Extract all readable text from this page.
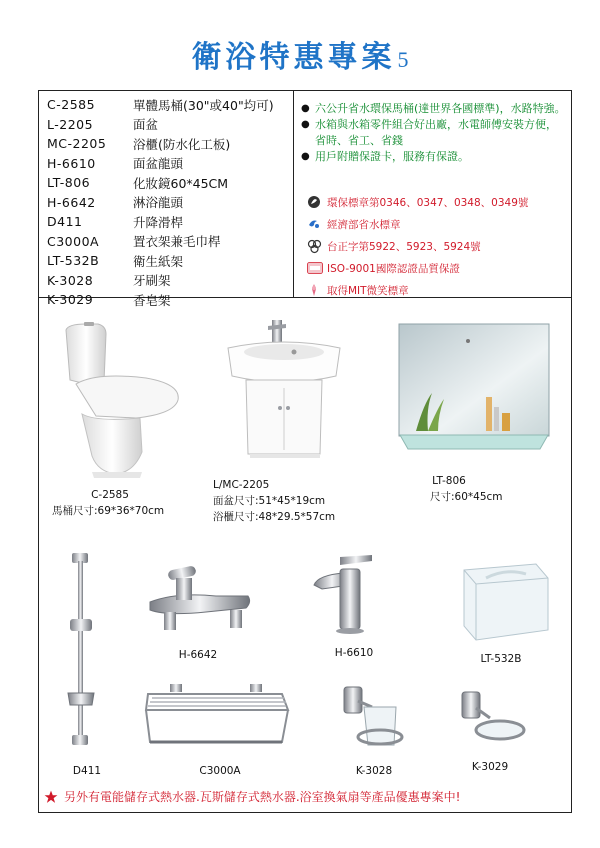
衛浴特惠專案5
C-2585	單體馬桶(30"或40"均可)
L-2205	面盆
MC-2205	浴櫃(防水化工板)
H-6610	面盆龍頭
LT-806	化妝鏡60*45CM
H-6642	淋浴龍頭
D411	升降滑桿
C3000A	置衣架兼毛巾桿
LT-532B	衛生紙架
K-3028	牙刷架
K-3029	香皂架
● 六公升省水環保馬桶(達世界各國標準)，水路特強。
● 水箱與水箱零件組合好出廠，水電師傅安裝方便，省時、省工、省錢
● 用戶附贈保證卡，服務有保證。
環保標章第0346、0347、0348、0349號
經濟部省水標章
台正字第5922、5923、5924號
ISO-9001國際認證品質保證
取得MIT微笑標章
C-2585
馬桶尺寸:69*36*70cm
L/MC-2205
面盆尺寸:51*45*19cm
浴櫃尺寸:48*29.5*57cm
LT-806
尺寸:60*45cm
H-6642	H-6610	LT-532B
D411	C3000A	K-3028	K-3029
另外有電能儲存式熱水器.瓦斯儲存式熱水器.浴室換氣扇等產品優惠專案中!
